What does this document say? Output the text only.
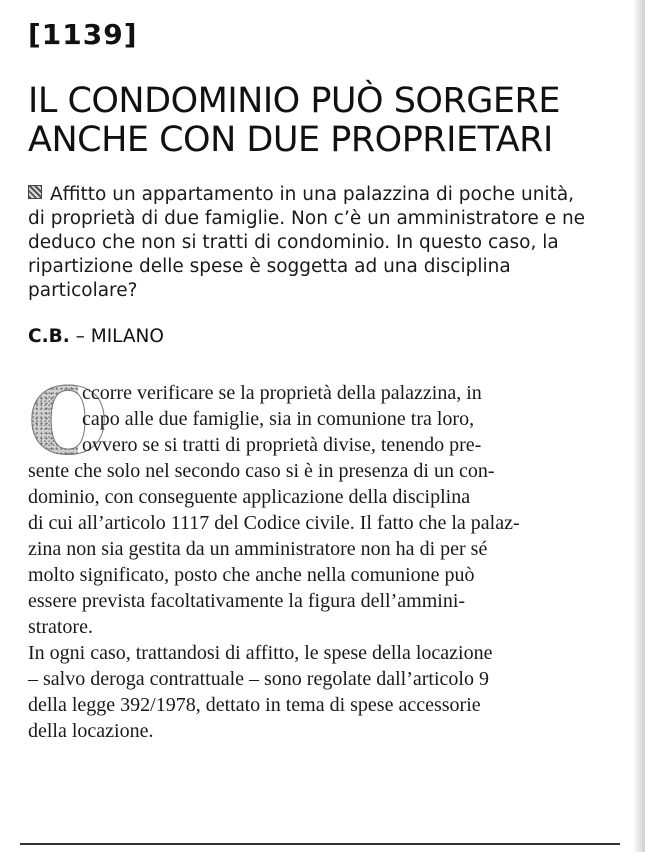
[1139]
IL CONDOMINIO PUÒ SORGERE
ANCHE CON DUE PROPRIETARI
Affitto un appartamento in una palazzina di poche unità,
di proprietà di due famiglie. Non c’è un amministratore e ne
deduco che non si tratti di condominio. In questo caso, la
ripartizione delle spese è soggetta ad una disciplina
particolare?
C.B. – MILANO
O
ccorre verificare se la proprietà della palazzina, in
capo alle due famiglie, sia in comunione tra loro,
ovvero se si tratti di proprietà divise, tenendo pre-
sente che solo nel secondo caso si è in presenza di un con-
dominio, con conseguente applicazione della disciplina
di cui all’articolo 1117 del Codice civile. Il fatto che la palaz-
zina non sia gestita da un amministratore non ha di per sé
molto significato, posto che anche nella comunione può
essere prevista facoltativamente la figura dell’ammini-
stratore.
In ogni caso, trattandosi di affitto, le spese della locazione
– salvo deroga contrattuale – sono regolate dall’articolo 9
della legge 392/1978, dettato in tema di spese accessorie
della locazione.
